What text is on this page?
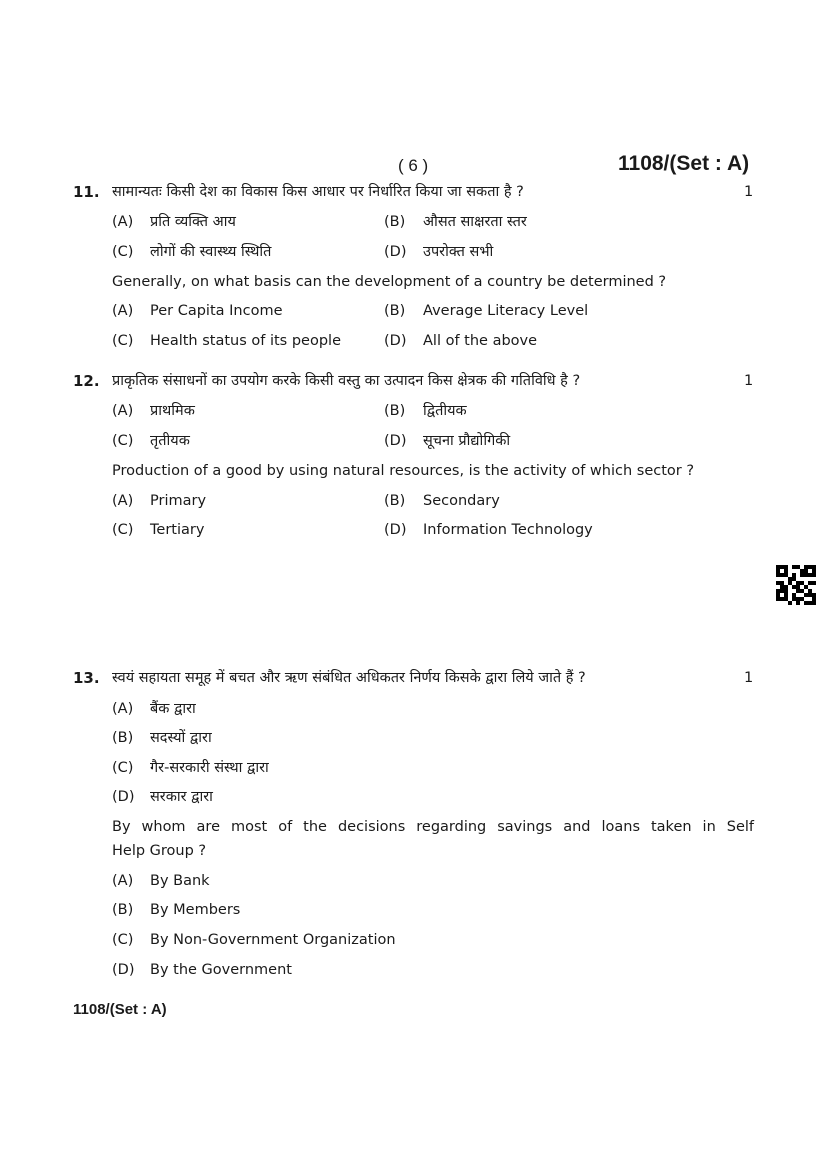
( 6 )	1108/(Set : A)
11. सामान्यतः किसी देश का विकास किस आधार पर निर्धारित किया जा सकता है ?	1
(A) प्रति व्यक्ति आय	(B) औसत साक्षरता स्तर
(C) लोगों की स्वास्थ्य स्थिति	(D) उपरोक्त सभी
Generally, on what basis can the development of a country be determined ?
(A) Per Capita Income	(B) Average Literacy Level
(C) Health status of its people	(D) All of the above
12. प्राकृतिक संसाधनों का उपयोग करके किसी वस्तु का उत्पादन किस क्षेत्रक की गतिविधि है ?	1
(A) प्राथमिक	(B) द्वितीयक
(C) तृतीयक	(D) सूचना प्रौद्योगिकी
Production of a good by using natural resources, is the activity of which sector ?
(A) Primary	(B) Secondary
(C) Tertiary	(D) Information Technology
13. स्वयं सहायता समूह में बचत और ऋण संबंधित अधिकतर निर्णय किसके द्वारा लिये जाते हैं ?	1
(A) बैंक द्वारा
(B) सदस्यों द्वारा
(C) गैर-सरकारी संस्था द्वारा
(D) सरकार द्वारा
By whom are most of the decisions regarding savings and loans taken in Self
Help Group ?
(A) By Bank
(B) By Members
(C) By Non-Government Organization
(D) By the Government
1108/(Set : A)
